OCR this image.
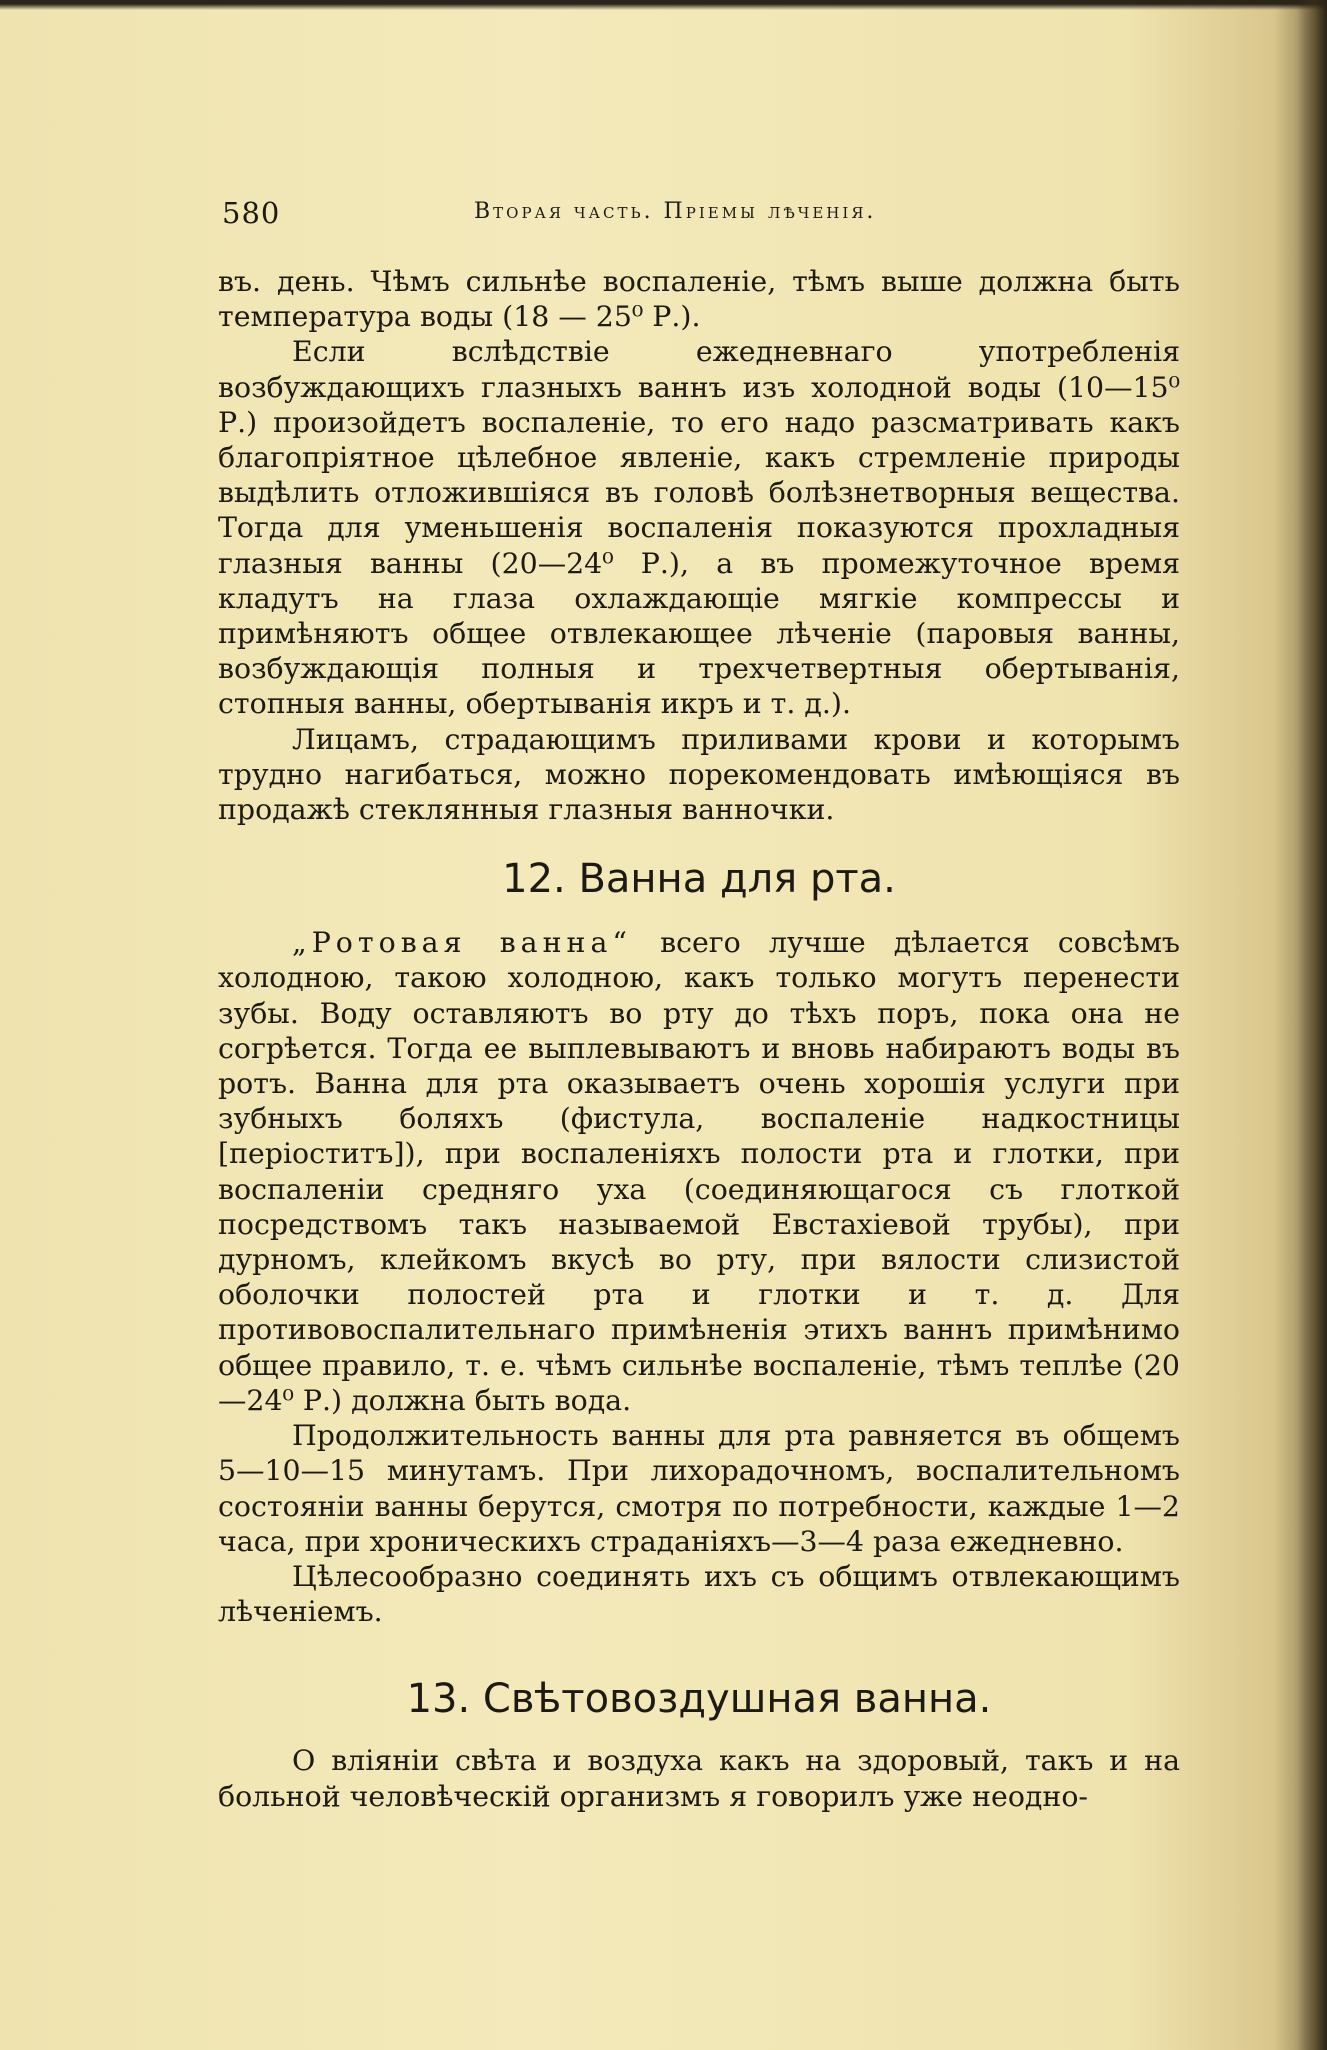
580	Вторая часть. Пріемы лѣченія.

въ. день. Чѣмъ сильнѣе воспаленіе, тѣмъ выше должна быть температура воды (18 — 25⁰ Р.).

Если вслѣдствіе ежедневнаго употребленія возбуждающихъ глазныхъ ваннъ изъ холодной воды (10—15⁰ Р.) произойдетъ воспаленіе, то его надо разсматривать какъ благопріятное цѣлебное явленіе, какъ стремленіе природы выдѣлить отложившіяся въ головѣ болѣзнетворныя вещества. Тогда для уменьшенія воспаленія показуются прохладныя глазныя ванны (20—24⁰ Р.), а въ промежуточное время кладутъ на глаза охлаждающіе мягкіе компрессы и примѣняютъ общее отвлекающее лѣченіе (паровыя ванны, возбуждающія полныя и трехчетвертныя обертыванія, стопныя ванны, обертыванія икръ и т. д.).

Лицамъ, страдающимъ приливами крови и которымъ трудно нагибаться, можно порекомендовать имѣющіяся въ продажѣ стеклянныя глазныя ванночки.

12. Ванна для рта.

„Ротовая ванна“ всего лучше дѣлается совсѣмъ холодною, такою холодною, какъ только могутъ перенести зубы. Воду оставляютъ во рту до тѣхъ поръ, пока она не согрѣется. Тогда ее выплевываютъ и вновь набираютъ воды въ ротъ. Ванна для рта оказываетъ очень хорошія услуги при зубныхъ боляхъ (фистула, воспаленіе надкостницы [періоститъ]), при воспаленіяхъ полости рта и глотки, при воспаленіи средняго уха (соединяющагося съ глоткой посредствомъ такъ называемой Евстахіевой трубы), при дурномъ, клейкомъ вкусѣ во рту, при вялости слизистой оболочки полостей рта и глотки и т. д. Для противовоспалительнаго примѣненія этихъ ваннъ примѣнимо общее правило, т. е. чѣмъ сильнѣе воспаленіе, тѣмъ теплѣе (20—24⁰ Р.) должна быть вода.

Продолжительность ванны для рта равняется въ общемъ 5—10—15 минутамъ. При лихорадочномъ, воспалительномъ состояніи ванны берутся, смотря по потребности, каждые 1—2 часа, при хроническихъ страданіяхъ—3—4 раза ежедневно.

Цѣлесообразно соединять ихъ съ общимъ отвлекающимъ лѣченіемъ.

13. Свѣтовоздушная ванна.

О вліяніи свѣта и воздуха какъ на здоровый, такъ и на больной человѣческій организмъ я говорилъ уже неодно-
